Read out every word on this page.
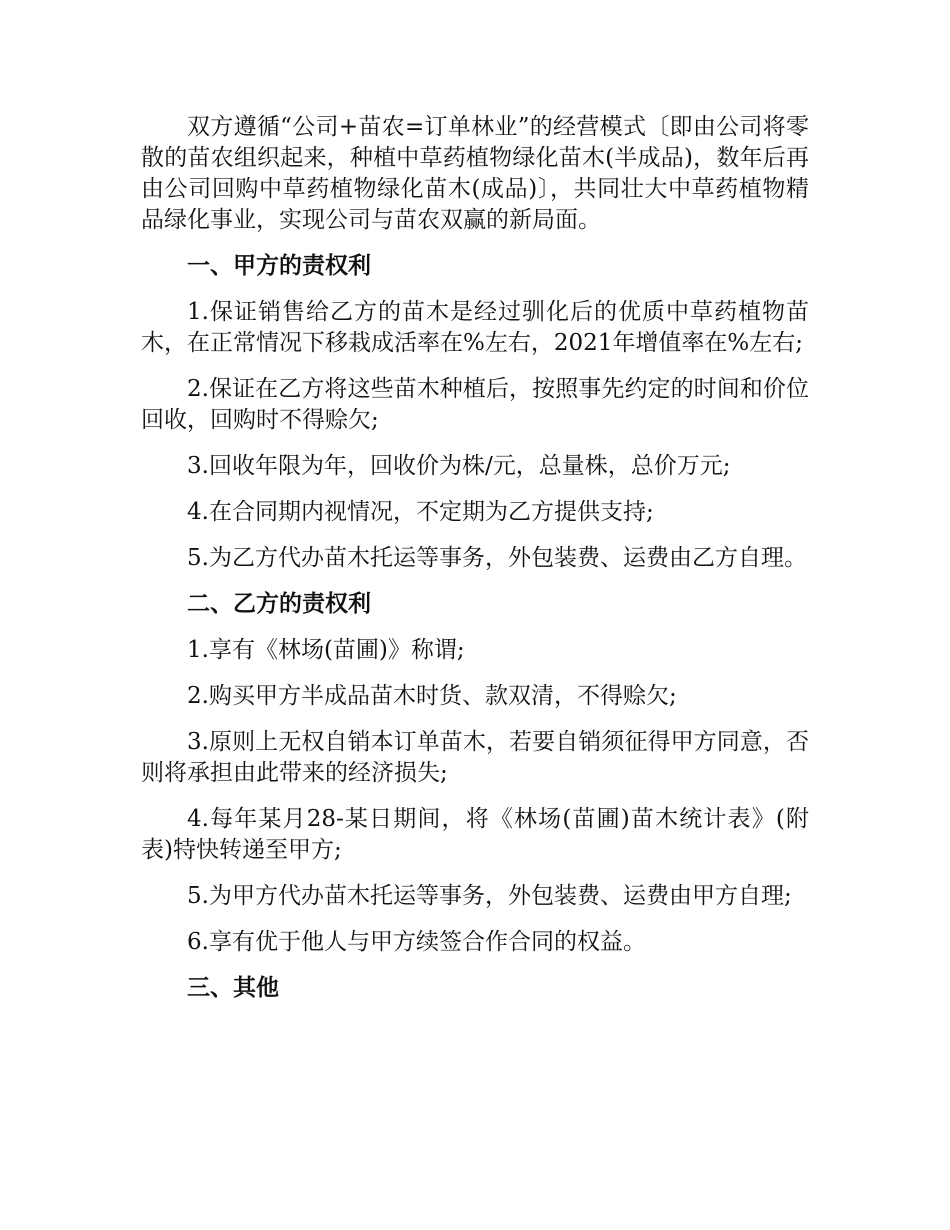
双方遵循“公司+苗农=订单林业”的经营模式〔即由公司将零散的苗农组织起来，种植中草药植物绿化苗木(半成品)，数年后再由公司回购中草药植物绿化苗木(成品)〕，共同壮大中草药植物精品绿化事业，实现公司与苗农双赢的新局面。

一、甲方的责权利

1.保证销售给乙方的苗木是经过驯化后的优质中草药植物苗木，在正常情况下移栽成活率在%左右，2021年增值率在%左右;

2.保证在乙方将这些苗木种植后，按照事先约定的时间和价位回收，回购时不得赊欠;

3.回收年限为年，回收价为株/元，总量株，总价万元;

4.在合同期内视情况，不定期为乙方提供支持;

5.为乙方代办苗木托运等事务，外包装费、运费由乙方自理。

二、乙方的责权利

1.享有《林场(苗圃)》称谓;

2.购买甲方半成品苗木时货、款双清，不得赊欠;

3.原则上无权自销本订单苗木，若要自销须征得甲方同意，否则将承担由此带来的经济损失;

4.每年某月28-某日期间，将《林场(苗圃)苗木统计表》(附表)特快转递至甲方;

5.为甲方代办苗木托运等事务，外包装费、运费由甲方自理;

6.享有优于他人与甲方续签合作合同的权益。

三、其他
